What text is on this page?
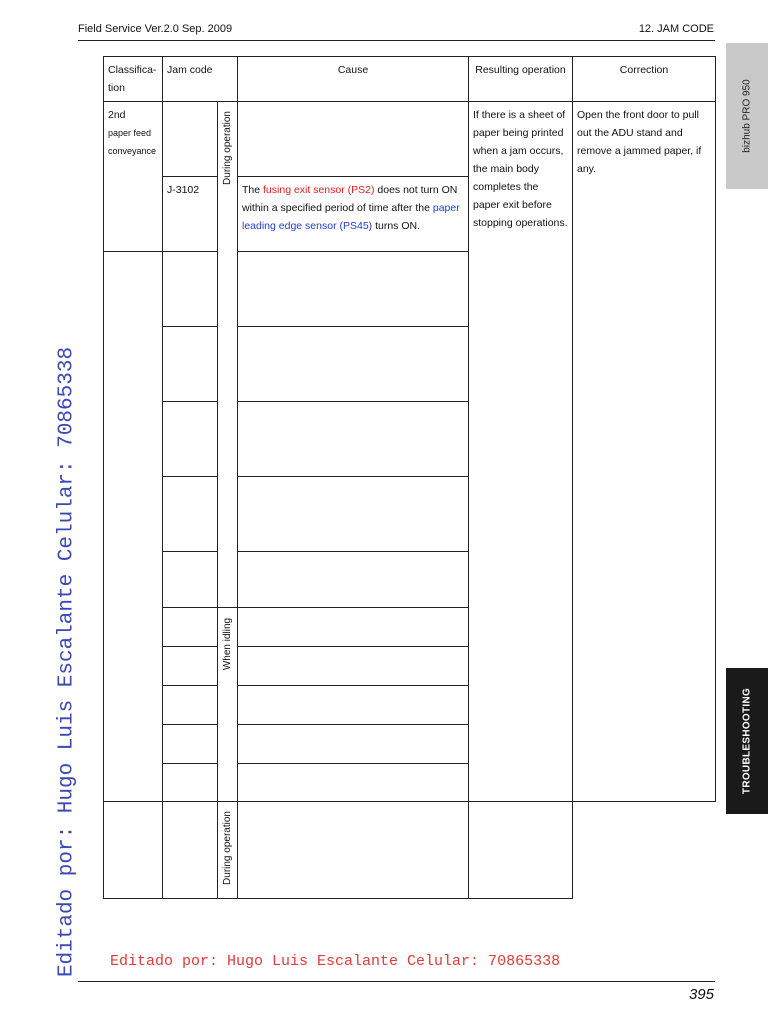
Field Service Ver.2.0 Sep. 2009	12. JAM CODE
bizhub PRO 950
TROUBLESHOOTING
Classifica-tion	Jam code		Cause	Resulting operation	Correction

2nd
paper feed conveyance		During operation		If there is a sheet of paper being printed when a jam occurs, the main body completes the paper exit before stopping operations.	Open the front door to pull out the ADU stand and remove a jammed paper, if any.
	J-3102		The fusing exit sensor (PS2) does not turn ON within a specified period of time after the paper leading edge sensor (PS45) turns ON.		

		When idling			

		During operation			

Editado por: Hugo Luis Escalante Celular: 70865338 Editado por: Hugo Luis Escalante Celular: 70865338
395
